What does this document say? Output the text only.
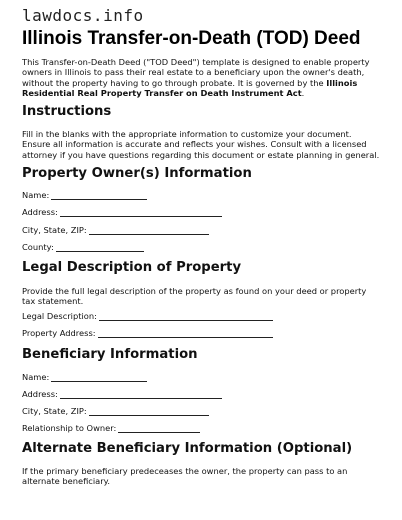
lawdocs.info
Illinois Transfer-on-Death (TOD) Deed
This Transfer-on-Death Deed ("TOD Deed") template is designed to enable property owners in Illinois to pass their real estate to a beneficiary upon the owner's death, without the property having to go through probate. It is governed by the Illinois Residential Real Property Transfer on Death Instrument Act.
Instructions
Fill in the blanks with the appropriate information to customize your document. Ensure all information is accurate and reflects your wishes. Consult with a licensed attorney if you have questions regarding this document or estate planning in general.
Property Owner(s) Information
Name:
Address:
City, State, ZIP:
County:
Legal Description of Property
Provide the full legal description of the property as found on your deed or property tax statement.
Legal Description:
Property Address:
Beneficiary Information
Name:
Address:
City, State, ZIP:
Relationship to Owner:
Alternate Beneficiary Information (Optional)
If the primary beneficiary predeceases the owner, the property can pass to an alternate beneficiary.
